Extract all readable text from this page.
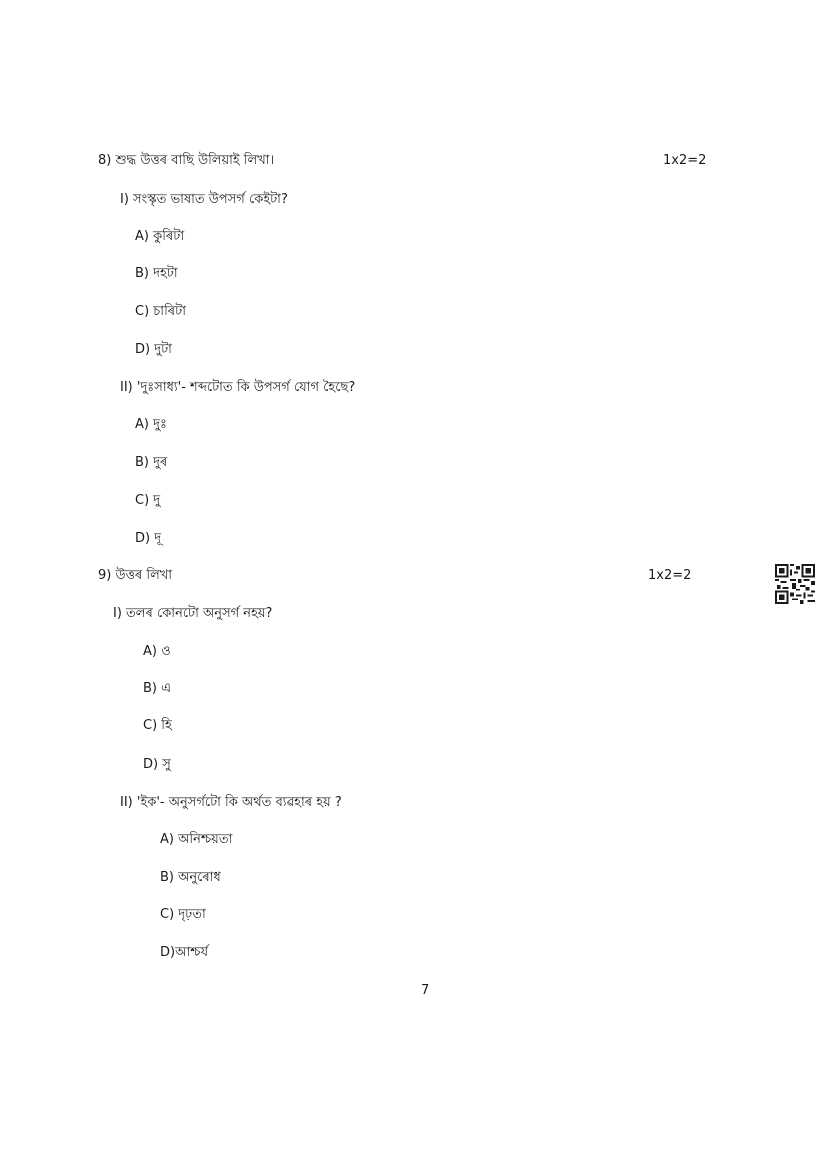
8) শুদ্ধ উত্তৰ বাছি উলিয়াই লিখা।	1x2=2
I) সংস্কৃত ভাষাত উপসৰ্গ কেইটা?
A) কুৰিটা
B) দহটা
C) চাৰিটা
D) দুটা
II) 'দুঃসাধ্য'- শব্দটোত কি উপসৰ্গ যোগ হৈছে?
A) দুঃ
B) দুৰ
C) দু
D) দূ
9) উত্তৰ লিখা	1x2=2
I) তলৰ কোনটো অনুসৰ্গ নহয়?
A) ও
B) এ
C) হি
D) সু
II) 'ইক'- অনুসৰ্গটো কি অৰ্থত ব্যৱহাৰ হয় ?
A) অনিশ্চয়তা
B) অনুৰোধ
C) দৃঢ়তা
D)আশ্চৰ্য
7
